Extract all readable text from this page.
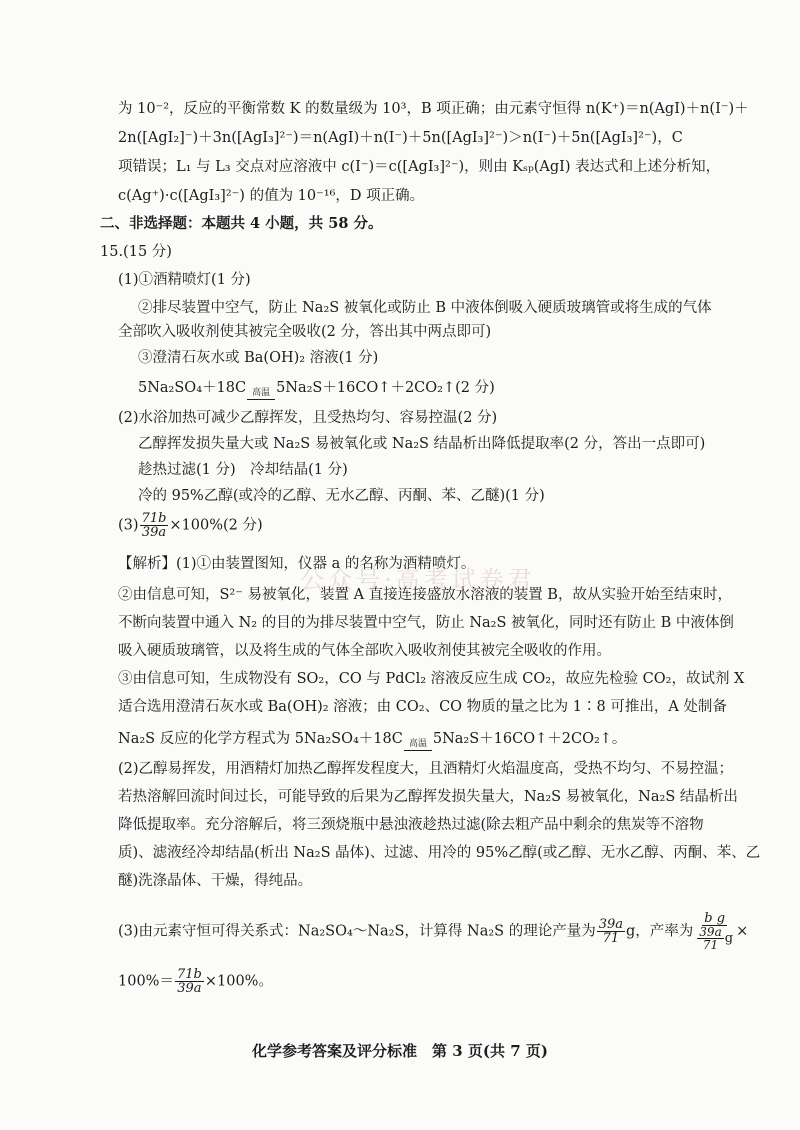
公众号·高考试卷君
为 10⁻²，反应的平衡常数 K 的数量级为 10³，B 项正确；由元素守恒得 n(K⁺)＝n(AgI)＋n(I⁻)＋
2n([AgI₂]⁻)＋3n([AgI₃]²⁻)＝n(AgI)＋n(I⁻)＋5n([AgI₃]²⁻)＞n(I⁻)＋5n([AgI₃]²⁻)，C
项错误；L₁ 与 L₃ 交点对应溶液中 c(I⁻)＝c([AgI₃]²⁻)，则由 Kₛₚ(AgI) 表达式和上述分析知，
c(Ag⁺)·c([AgI₃]²⁻) 的值为 10⁻¹⁶，D 项正确。
二、非选择题：本题共 4 小题，共 58 分。
15.(15 分)
(1)①酒精喷灯(1 分)
②排尽装置中空气，防止 Na₂S 被氧化或防止 B 中液体倒吸入硬质玻璃管或将生成的气体
全部吹入吸收剂使其被完全吸收(2 分，答出其中两点即可)
③澄清石灰水或 Ba(OH)₂ 溶液(1 分)
5Na₂SO₄＋18C 高温 5Na₂S＋16CO↑＋2CO₂↑(2 分)
(2)水浴加热可减少乙醇挥发，且受热均匀、容易控温(2 分)
乙醇挥发损失量大或 Na₂S 易被氧化或 Na₂S 结晶析出降低提取率(2 分，答出一点即可)
趁热过滤(1 分)　冷却结晶(1 分)
冷的 95%乙醇(或冷的乙醇、无水乙醇、丙酮、苯、乙醚)(1 分)
$(3) \frac{71b}{39a} \times 100\%(2$ 分)
【解析】(1)①由装置图知，仪器 a 的名称为酒精喷灯。
②由信息可知，S²⁻ 易被氧化，装置 A 直接连接盛放水溶液的装置 B，故从实验开始至结束时，
不断向装置中通入 N₂ 的目的为排尽装置中空气，防止 Na₂S 被氧化，同时还有防止 B 中液体倒
吸入硬质玻璃管，以及将生成的气体全部吹入吸收剂使其被完全吸收的作用。
③由信息可知，生成物没有 SO₂，CO 与 PdCl₂ 溶液反应生成 CO₂，故应先检验 CO₂，故试剂 X
适合选用澄清石灰水或 Ba(OH)₂ 溶液；由 CO₂、CO 物质的量之比为 1∶8 可推出，A 处制备
Na₂S 反应的化学方程式为 5Na₂SO₄＋18C 高温 5Na₂S＋16CO↑＋2CO₂↑。
(2)乙醇易挥发，用酒精灯加热乙醇挥发程度大，且酒精灯火焰温度高，受热不均匀、不易控温；
若热溶解回流时间过长，可能导致的后果为乙醇挥发损失量大，Na₂S 易被氧化，Na₂S 结晶析出
降低提取率。充分溶解后，将三颈烧瓶中悬浊液趁热过滤(除去粗产品中剩余的焦炭等不溶物
质)、滤液经冷却结晶(析出 Na₂S 晶体)、过滤、用冷的 95%乙醇(或乙醇、无水乙醇、丙酮、苯、乙
醚)洗涤晶体、干燥，得纯品。
(3)由元素守恒可得关系式：Na₂SO₄～Na₂S，计算得 Na₂S 的理论产量为 $\frac{39a}{71}$ g，产率为 $\frac{\text{b g}}{\frac{39a}{71} g}$ ×
$100\%= \frac{71b}{39a} \times 100\%$。
化学参考答案及评分标准　第 3 页(共 7 页)
